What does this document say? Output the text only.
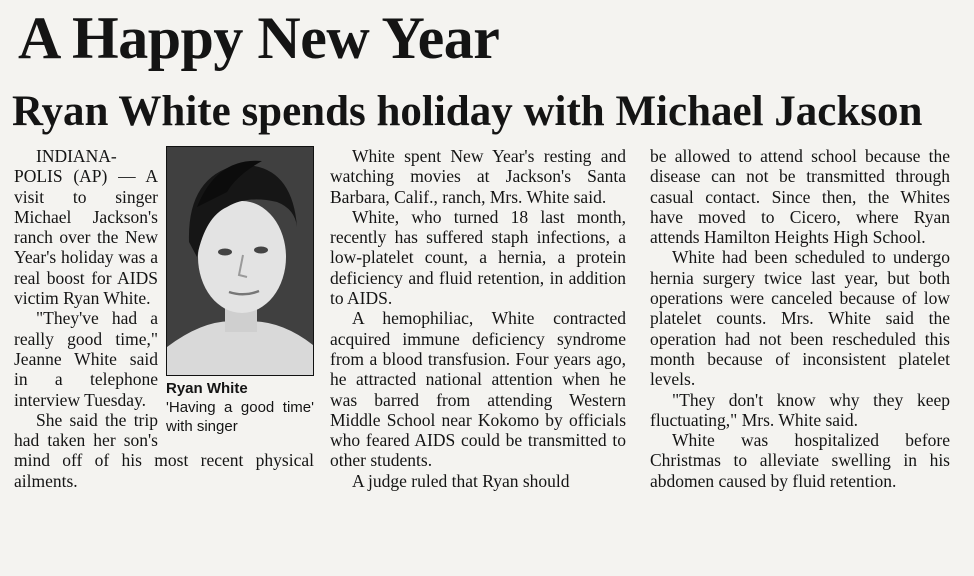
A Happy New Year
Ryan White spends holiday with Michael Jackson
Ryan White
'Having a good time' with singer

INDIANA-POLIS (AP) — A visit to singer Michael Jackson's ranch over the New Year's holiday was a real boost for AIDS victim Ryan White.

"They've had a really good time," Jeanne White said in a telephone interview Tuesday.

She said the trip had taken her son's mind off of his most recent physical ailments.

White spent New Year's resting and watching movies at Jackson's Santa Barbara, Calif., ranch, Mrs. White said.

White, who turned 18 last month, recently has suffered staph infections, a low-platelet count, a hernia, a protein deficiency and fluid retention, in addition to AIDS.

A hemophiliac, White contracted acquired immune deficiency syndrome from a blood transfusion. Four years ago, he attracted national attention when he was barred from attending Western Middle School near Kokomo by officials who feared AIDS could be transmitted to other students.

A judge ruled that Ryan should

be allowed to attend school because the disease can not be transmitted through casual contact. Since then, the Whites have moved to Cicero, where Ryan attends Hamilton Heights High School.

White had been scheduled to undergo hernia surgery twice last year, but both operations were canceled because of low platelet counts. Mrs. White said the operation had not been rescheduled this month because of inconsistent platelet levels.

"They don't know why they keep fluctuating," Mrs. White said.

White was hospitalized before Christmas to alleviate swelling in his abdomen caused by fluid retention.
